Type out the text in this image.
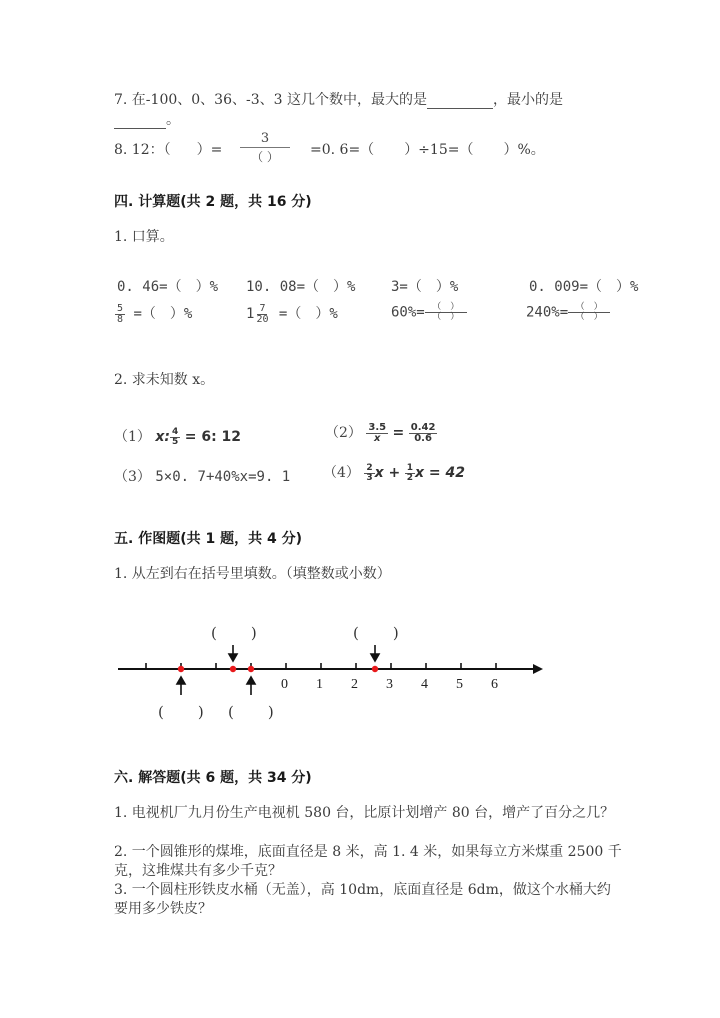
7. 在-100、0、36、-3、3 这几个数中，最大的是	，最小的是
。
8. 12：（ ）=
3
（ ）	=0. 6=（ ）÷15=（ ）%。
四. 计算题(共 2 题，共 16 分)
1. 口算。
0. 46=（　）% 10. 08=（　）%	3=（　）%	0. 009=（　）%
$\frac{5}{8}$ =（　）%	$1 \frac{7}{20}$ =（　）%	$60\%= \frac{( )}{( )}$	$240\%= \frac{( )}{( )}$
2. 求未知数 x。
（1） x: $\frac{4}{5} = 6$: 12	$(2) \frac{3.5}{x} = \frac{0.42}{0.6}$
（3） 5×0. 7+40%x=9. 1 $(4) \frac{2}{3}$ $x + \frac{1}{2}$ x = 42
五. 作图题(共 1 题，共 4 分)
1. 从左到右在括号里填数。（填整数或小数）
0 1 2 3 4 5 6
( )	( )
( ) ( )
六. 解答题(共 6 题，共 34 分)
1. 电视机厂九月份生产电视机 580 台，比原计划增产 80 台，增产了百分之几？
2. 一个圆锥形的煤堆，底面直径是 8 米，高 1. 4 米，如果每立方米煤重 2500 千
克，这堆煤共有多少千克？
3. 一个圆柱形铁皮水桶（无盖），高 10dm，底面直径是 6dm，做这个水桶大约
要用多少铁皮？
